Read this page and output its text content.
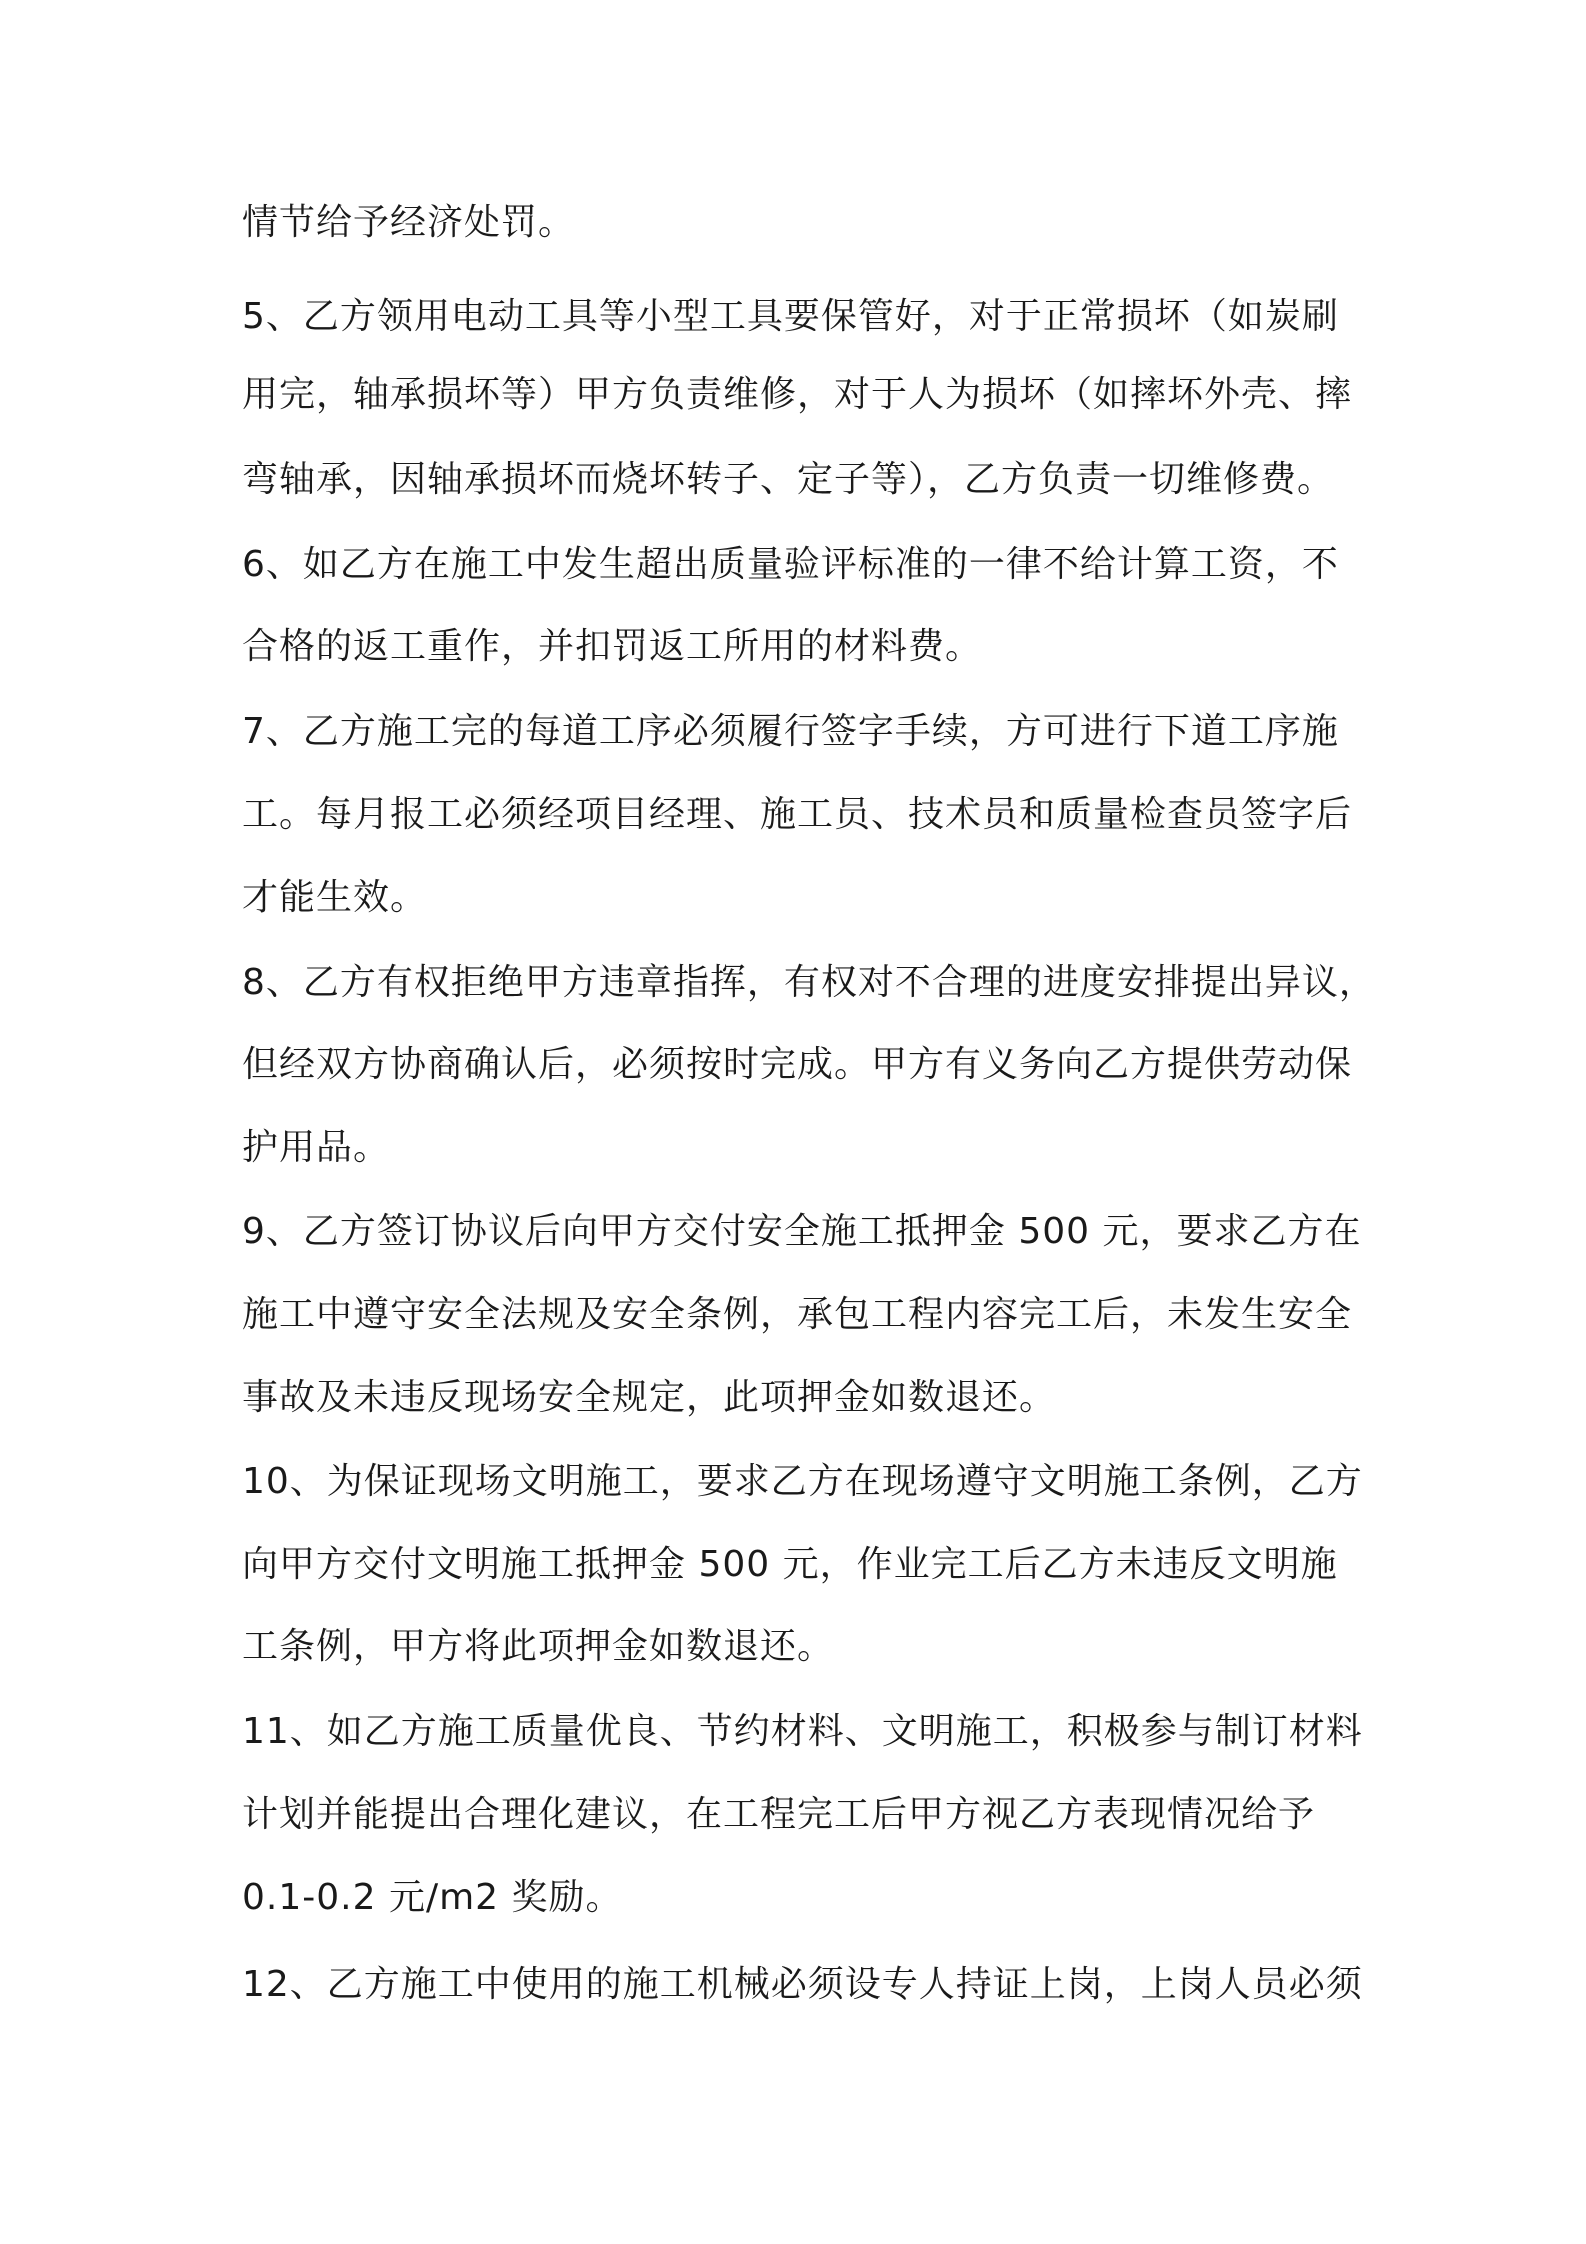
情节给予经济处罚。
5、乙方领用电动工具等小型工具要保管好，对于正常损坏（如炭刷
用完，轴承损坏等）甲方负责维修，对于人为损坏（如摔坏外壳、摔
弯轴承，因轴承损坏而烧坏转子、定子等），乙方负责一切维修费。
6、如乙方在施工中发生超出质量验评标准的一律不给计算工资，不
合格的返工重作，并扣罚返工所用的材料费。
7、乙方施工完的每道工序必须履行签字手续，方可进行下道工序施
工。每月报工必须经项目经理、施工员、技术员和质量检查员签字后
才能生效。
8、乙方有权拒绝甲方违章指挥，有权对不合理的进度安排提出异议，
但经双方协商确认后，必须按时完成。甲方有义务向乙方提供劳动保
护用品。
9、乙方签订协议后向甲方交付安全施工抵押金 500 元，要求乙方在
施工中遵守安全法规及安全条例，承包工程内容完工后，未发生安全
事故及未违反现场安全规定，此项押金如数退还。
10、为保证现场文明施工，要求乙方在现场遵守文明施工条例，乙方
向甲方交付文明施工抵押金 500 元，作业完工后乙方未违反文明施
工条例，甲方将此项押金如数退还。
11、如乙方施工质量优良、节约材料、文明施工，积极参与制订材料
计划并能提出合理化建议，在工程完工后甲方视乙方表现情况给予
0.1-0.2 元/m2 奖励。
12、乙方施工中使用的施工机械必须设专人持证上岗，上岗人员必须
